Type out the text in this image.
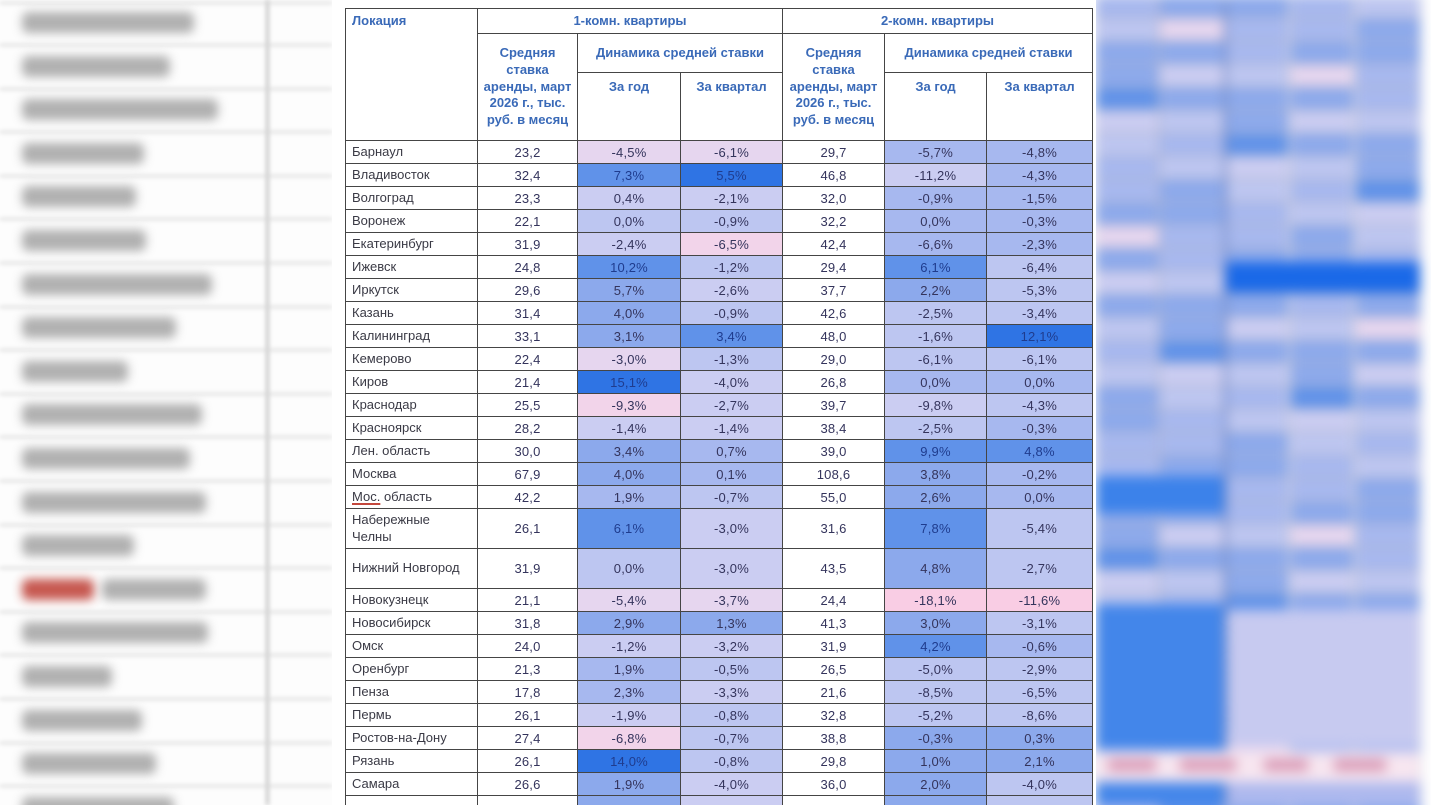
Локация	1-комн. квартиры			2-комн. квартиры		
	Средняя ставка аренды, март 2026 г., тыс. руб. в месяц	Динамика средней ставки		Средняя ставка аренды, март 2026 г., тыс. руб. в месяц	Динамика средней ставки	
		За год	За квартал		За год	За квартал
Барнаул	23,2	-4,5%	-6,1%	29,7	-5,7%	-4,8%
Владивосток	32,4	7,3%	5,5%	46,8	-11,2%	-4,3%
Волгоград	23,3	0,4%	-2,1%	32,0	-0,9%	-1,5%
Воронеж	22,1	0,0%	-0,9%	32,2	0,0%	-0,3%
Екатеринбург	31,9	-2,4%	-6,5%	42,4	-6,6%	-2,3%
Ижевск	24,8	10,2%	-1,2%	29,4	6,1%	-6,4%
Иркутск	29,6	5,7%	-2,6%	37,7	2,2%	-5,3%
Казань	31,4	4,0%	-0,9%	42,6	-2,5%	-3,4%
Калининград	33,1	3,1%	3,4%	48,0	-1,6%	12,1%
Кемерово	22,4	-3,0%	-1,3%	29,0	-6,1%	-6,1%
Киров	21,4	15,1%	-4,0%	26,8	0,0%	0,0%
Краснодар	25,5	-9,3%	-2,7%	39,7	-9,8%	-4,3%
Красноярск	28,2	-1,4%	-1,4%	38,4	-2,5%	-0,3%
Лен. область	30,0	3,4%	0,7%	39,0	9,9%	4,8%
Москва	67,9	4,0%	0,1%	108,6	3,8%	-0,2%
Мос. область	42,2	1,9%	-0,7%	55,0	2,6%	0,0%
Набережные Челны	26,1	6,1%	-3,0%	31,6	7,8%	-5,4%
Нижний Новгород	31,9	0,0%	-3,0%	43,5	4,8%	-2,7%
Новокузнецк	21,1	-5,4%	-3,7%	24,4	-18,1%	-11,6%
Новосибирск	31,8	2,9%	1,3%	41,3	3,0%	-3,1%
Омск	24,0	-1,2%	-3,2%	31,9	4,2%	-0,6%
Оренбург	21,3	1,9%	-0,5%	26,5	-5,0%	-2,9%
Пенза	17,8	2,3%	-3,3%	21,6	-8,5%	-6,5%
Пермь	26,1	-1,9%	-0,8%	32,8	-5,2%	-8,6%
Ростов-на-Дону	27,4	-6,8%	-0,7%	38,8	-0,3%	0,3%
Рязань	26,1	14,0%	-0,8%	29,8	1,0%	2,1%
Самара	26,6	1,9%	-4,0%	36,0	2,0%	-4,0%
